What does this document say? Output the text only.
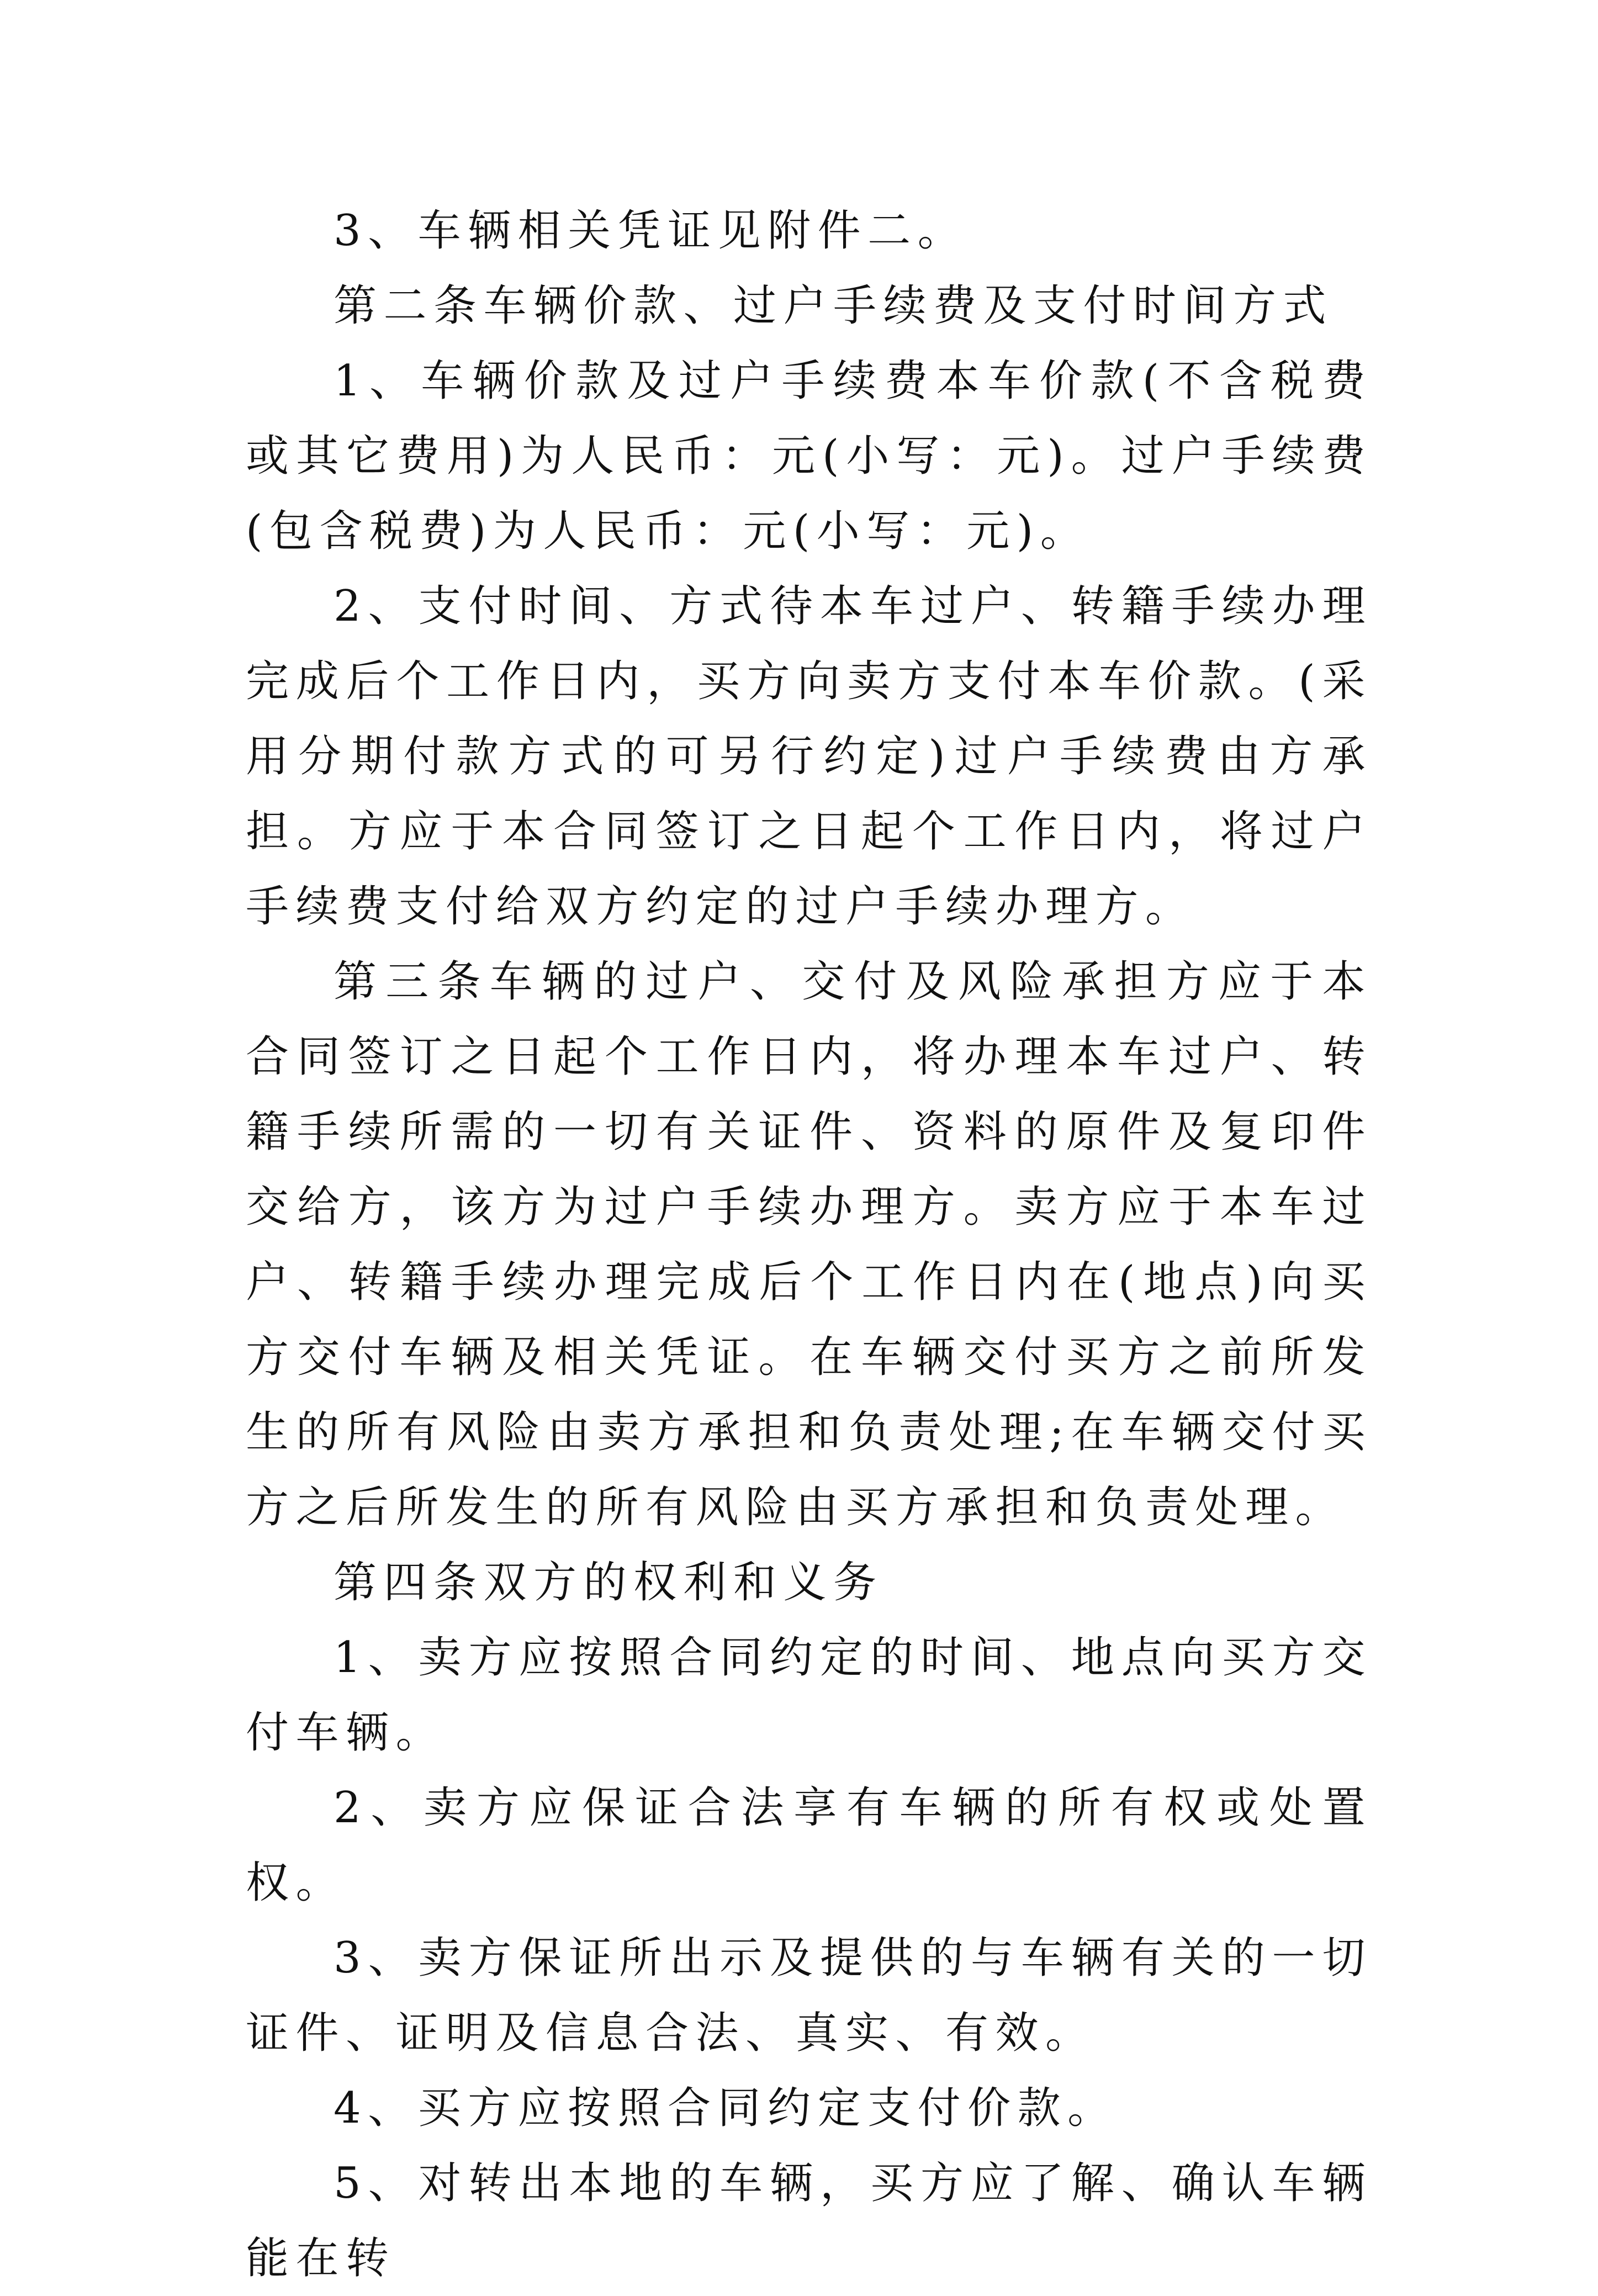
3、车辆相关凭证见附件二。

第二条车辆价款、过户手续费及支付时间方式

1、车辆价款及过户手续费本车价款(不含税费或其它费用)为人民币：元(小写：元)。过户手续费(包含税费)为人民币：元(小写：元)。

2、支付时间、方式待本车过户、转籍手续办理完成后个工作日内，买方向卖方支付本车价款。(采用分期付款方式的可另行约定)过户手续费由方承担。方应于本合同签订之日起个工作日内，将过户手续费支付给双方约定的过户手续办理方。

第三条车辆的过户、交付及风险承担方应于本合同签订之日起个工作日内，将办理本车过户、转籍手续所需的一切有关证件、资料的原件及复印件交给方，该方为过户手续办理方。卖方应于本车过户、转籍手续办理完成后个工作日内在(地点)向买方交付车辆及相关凭证。在车辆交付买方之前所发生的所有风险由卖方承担和负责处理;在车辆交付买方之后所发生的所有风险由买方承担和负责处理。

第四条双方的权利和义务

1、卖方应按照合同约定的时间、地点向买方交付车辆。

2、卖方应保证合法享有车辆的所有权或处置权。

3、卖方保证所出示及提供的与车辆有关的一切证件、证明及信息合法、真实、有效。

4、买方应按照合同约定支付价款。

5、对转出本地的车辆，买方应了解、确认车辆能在转
